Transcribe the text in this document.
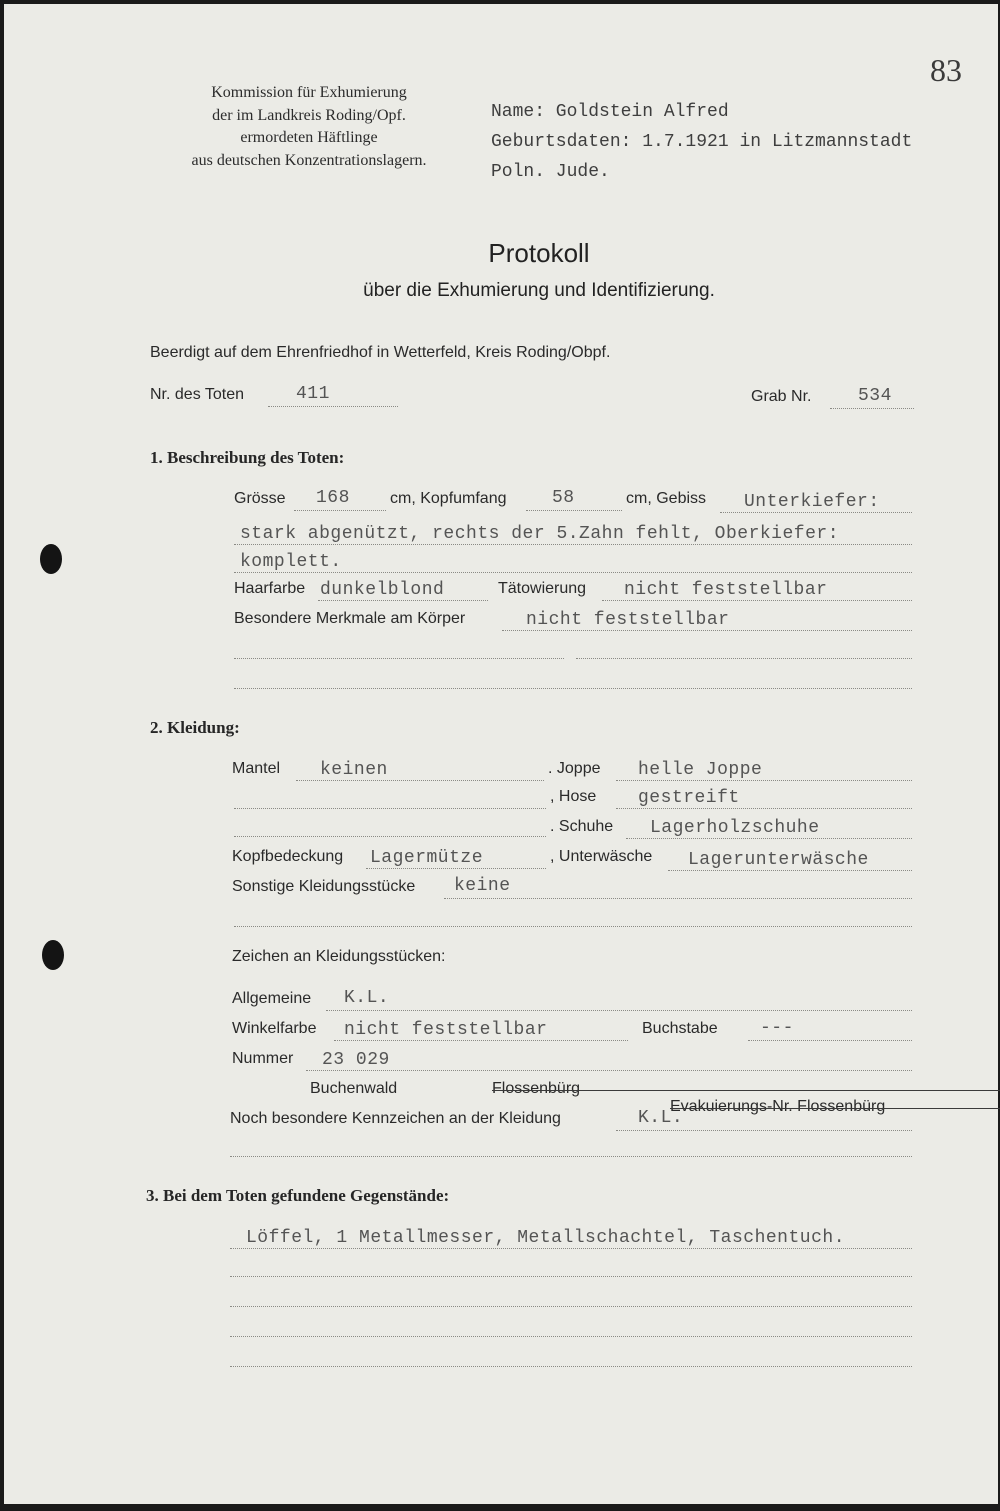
83
Kommission für Exhumierung
der im Landkreis Roding/Opf.
ermordeten Häftlinge
aus deutschen Konzentrationslagern.
Name: Goldstein Alfred
Geburtsdaten: 1.7.1921 in Litzmannstadt
Poln. Jude.
Protokoll
über die Exhumierung und Identifizierung.
Beerdigt auf dem Ehrenfriedhof in Wetterfeld, Kreis Roding/Obpf.
Nr. des Toten	411	Grab Nr.	534
1. Beschreibung des Toten:
Grösse 168	cm, Kopfumfang	58	cm, Gebiss Unterkiefer:
stark abgenützt, rechts der 5.Zahn fehlt, Oberkiefer:
komplett.
Haarfarbe dunkelblond	Tätowierung nicht feststellbar
Besondere Merkmale am Körper	nicht feststellbar
2. Kleidung:
Mantel keinen	. Joppe helle Joppe
, Hose gestreift
. Schuhe Lagerholzschuhe
Kopfbedeckung Lagermütze	, Unterwäsche Lagerunterwäsche
Sonstige Kleidungsstücke keine
Zeichen an Kleidungsstücken:
Allgemeine K.L.
Winkelfarbe nicht feststellbar	Buchstabe ---
Nummer 23 029
Buchenwald	Flossenbürg
Evakuierungs-Nr. Flossenbürg
Noch besondere Kennzeichen an der Kleidung	K.L.
3. Bei dem Toten gefundene Gegenstände:
Löffel, 1 Metallmesser, Metallschachtel, Taschentuch.
